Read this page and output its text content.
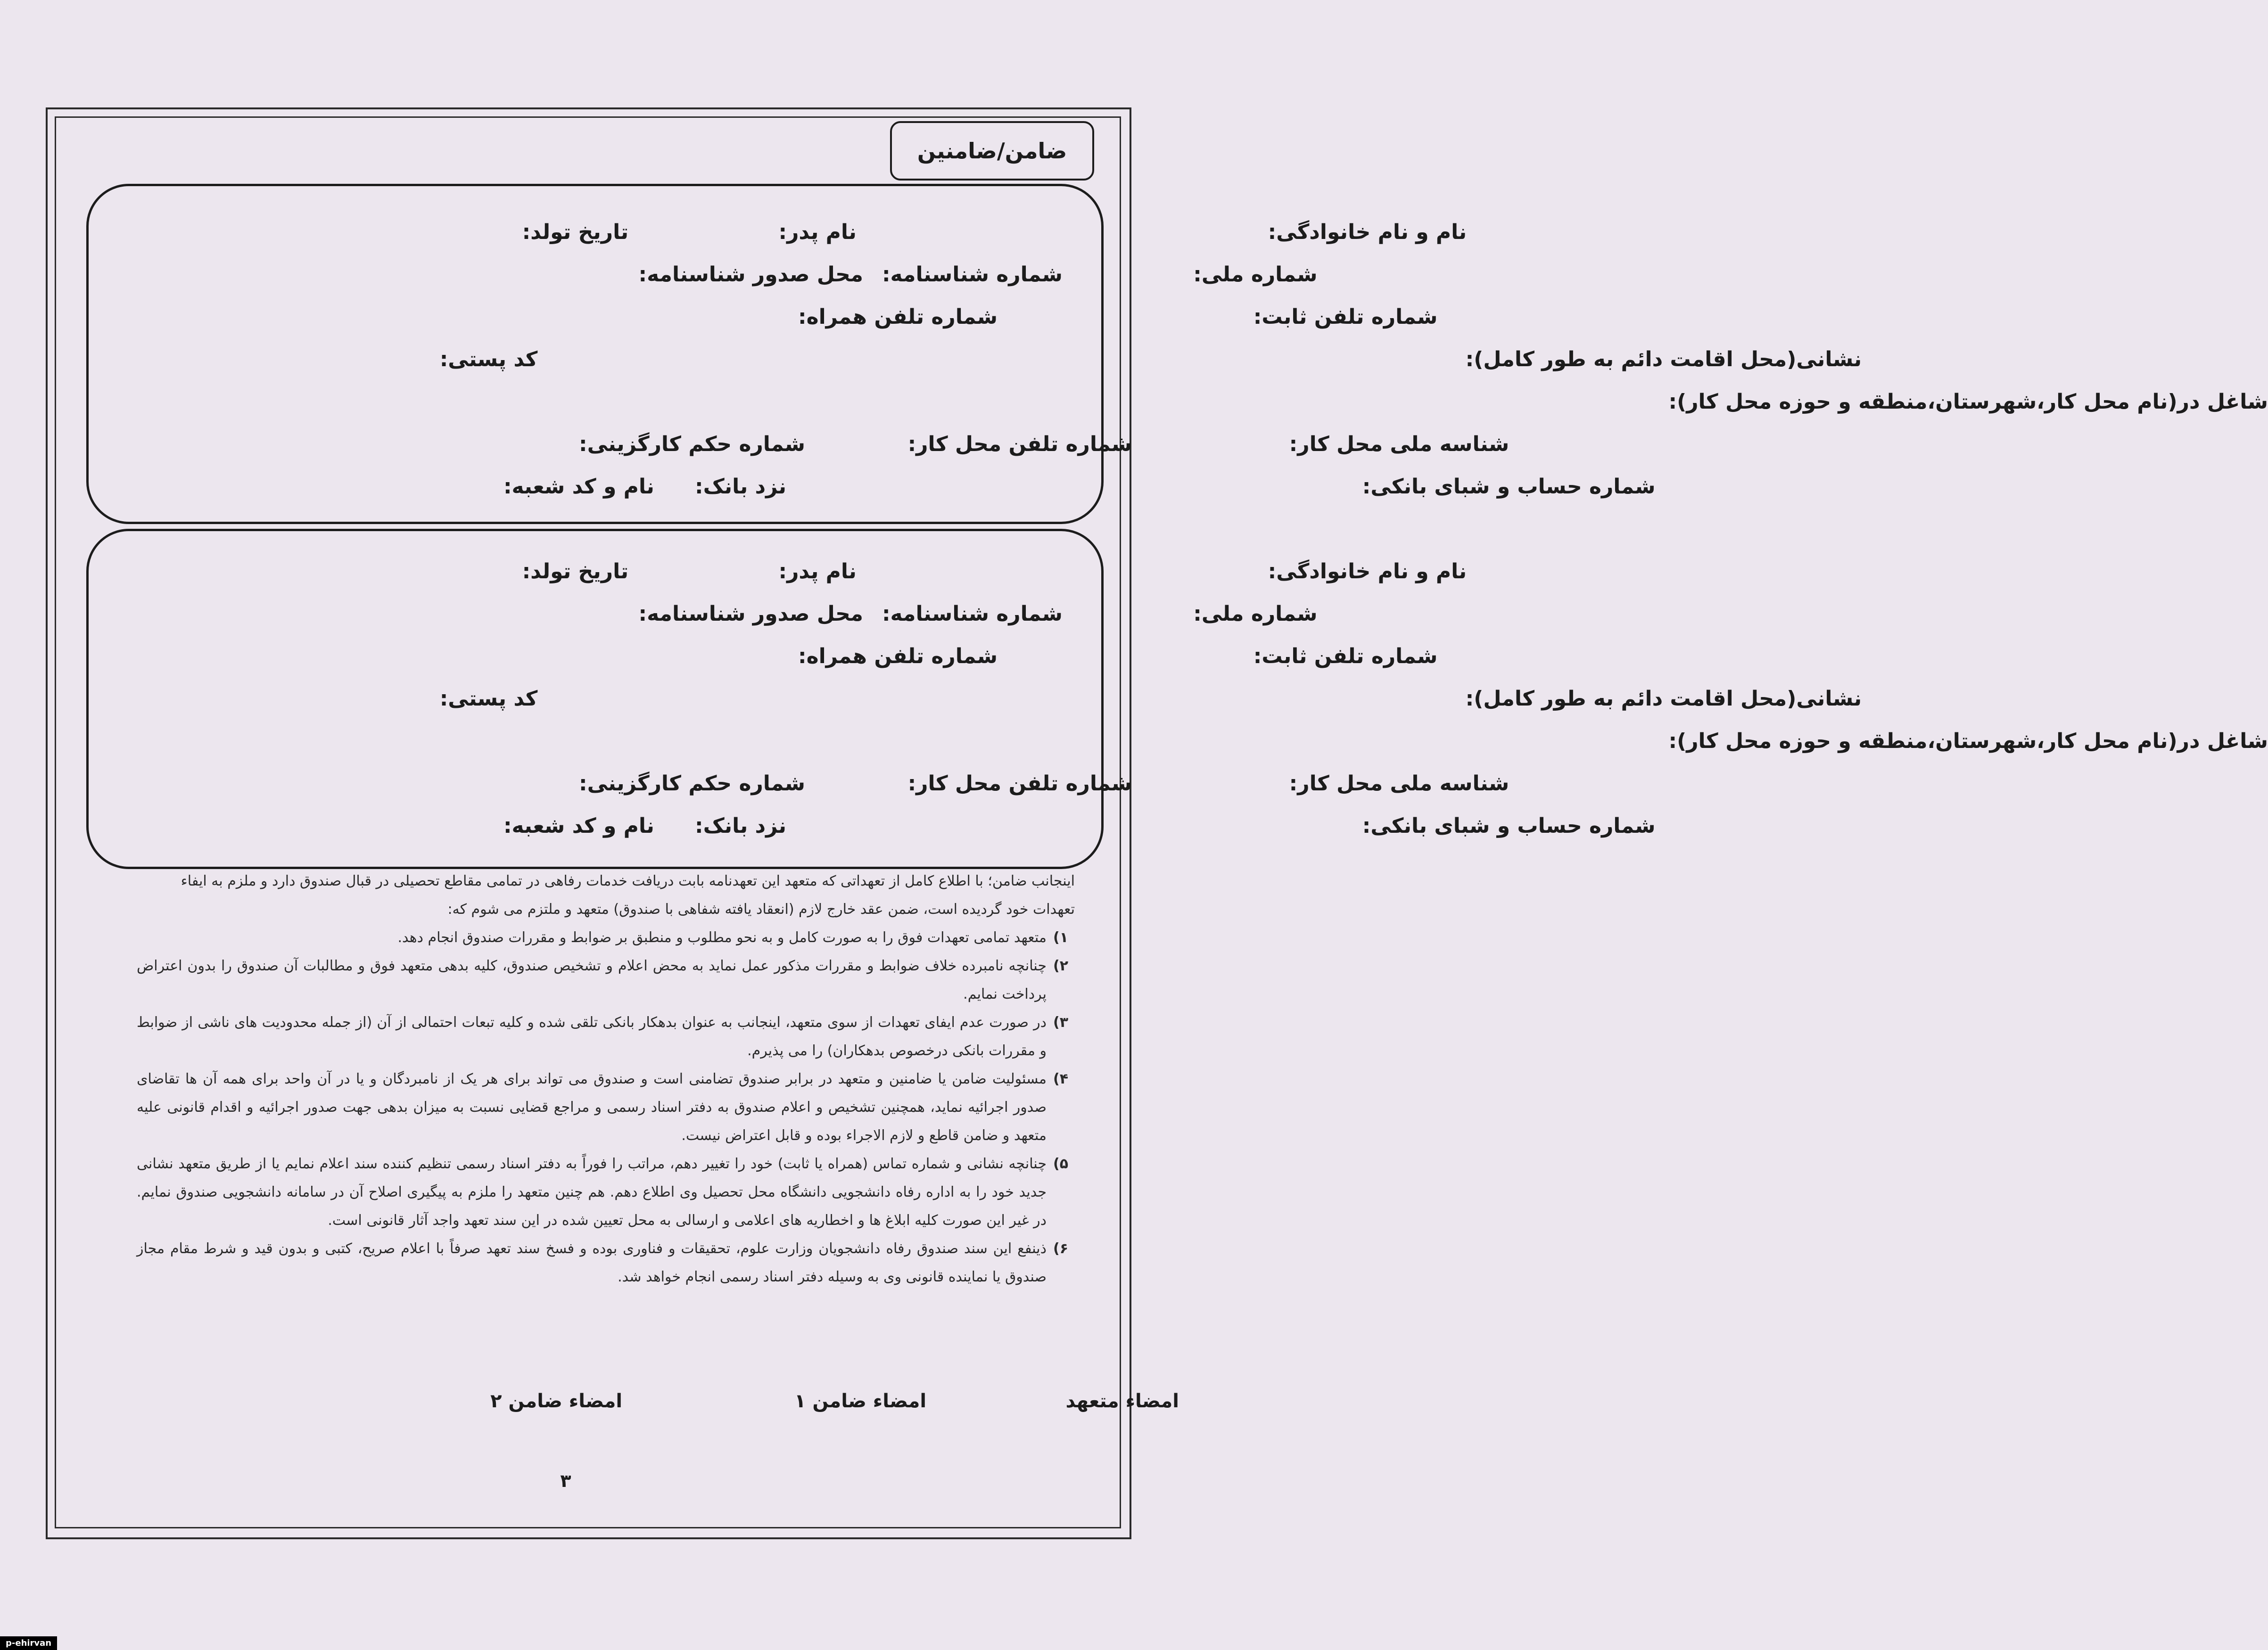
ضامن/ضامنین
نام و نام خانوادگی:
نام پدر:
تاریخ تولد:
شماره ملی:
شماره شناسنامه:
محل صدور شناسنامه:
شماره تلفن ثابت:
شماره تلفن همراه:
نشانی(محل اقامت دائم به طور کامل):
کد پستی:
شاغل در(نام محل کار،شهرستان،منطقه و حوزه محل کار):
شناسه ملی محل کار:
شماره تلفن محل کار:
شماره حکم کارگزینی:
شماره حساب و شبای بانکی:
نزد بانک:
نام و کد شعبه:
نام و نام خانوادگی:
نام پدر:
تاریخ تولد:
شماره ملی:
شماره شناسنامه:
محل صدور شناسنامه:
شماره تلفن ثابت:
شماره تلفن همراه:
نشانی(محل اقامت دائم به طور کامل):
کد پستی:
شاغل در(نام محل کار،شهرستان،منطقه و حوزه محل کار):
شناسه ملی محل کار:
شماره تلفن محل کار:
شماره حکم کارگزینی:
شماره حساب و شبای بانکی:
نزد بانک:
نام و کد شعبه:

اینجانب ضامن؛ با اطلاع کامل از تعهداتی که متعهد این تعهدنامه بابت دریافت خدمات رفاهی در تمامی مقاطع تحصیلی در قبال صندوق دارد و ملزم به ایفاء تعهدات خود گردیده است، ضمن عقد خارج لازم (انعقاد یافته شفاهی با صندوق) متعهد و ملتزم می شوم که:

۱)
متعهد تمامی تعهدات فوق را به صورت کامل و به نحو مطلوب و منطبق بر ضوابط و مقررات صندوق انجام دهد.
۲)
چنانچه نامبرده خلاف ضوابط و مقررات مذکور عمل نماید به محض اعلام و تشخیص صندوق، کلیه بدهی متعهد فوق و مطالبات آن صندوق را بدون اعتراض پرداخت نمایم.
۳)
در صورت عدم ایفای تعهدات از سوی متعهد، اینجانب به عنوان بدهکار بانکی تلقی شده و کلیه تبعات احتمالی از آن (از جمله محدودیت های ناشی از ضوابط و مقررات بانکی درخصوص بدهکاران) را می پذیرم.
۴)
مسئولیت ضامن یا ضامنین و متعهد در برابر صندوق تضامنی است و صندوق می تواند برای هر یک از نامبردگان و یا در آن واحد برای همه آن ها تقاضای صدور اجرائیه نماید، همچنین تشخیص و اعلام صندوق به دفتر اسناد رسمی و مراجع قضایی نسبت به میزان بدهی جهت صدور اجرائیه و اقدام قانونی علیه متعهد و ضامن قاطع و لازم الاجراء بوده و قابل اعتراض نیست.
۵)
چنانچه نشانی و شماره تماس (همراه یا ثابت) خود را تغییر دهم، مراتب را فوراً به دفتر اسناد رسمی تنظیم کننده سند اعلام نمایم یا از طریق متعهد نشانی جدید خود را به اداره رفاه دانشجویی دانشگاه محل تحصیل وی اطلاع دهم. هم چنین متعهد را ملزم به پیگیری اصلاح آن در سامانه دانشجویی صندوق نمایم. در غیر این صورت کلیه ابلاغ ها و اخطاریه های اعلامی و ارسالی به محل تعیین شده در این سند تعهد واجد آثار قانونی است.
۶)
ذینفع این سند صندوق رفاه دانشجویان وزارت علوم، تحقیقات و فناوری بوده و فسخ سند تعهد صرفاً با اعلام صریح، کتبی و بدون قید و شرط مقام مجاز صندوق یا نماینده قانونی وی به وسیله دفتر اسناد رسمی انجام خواهد شد.
امضاء متعهد
امضاء ضامن ۱
امضاء ضامن ۲
۳
p-ehirvan
